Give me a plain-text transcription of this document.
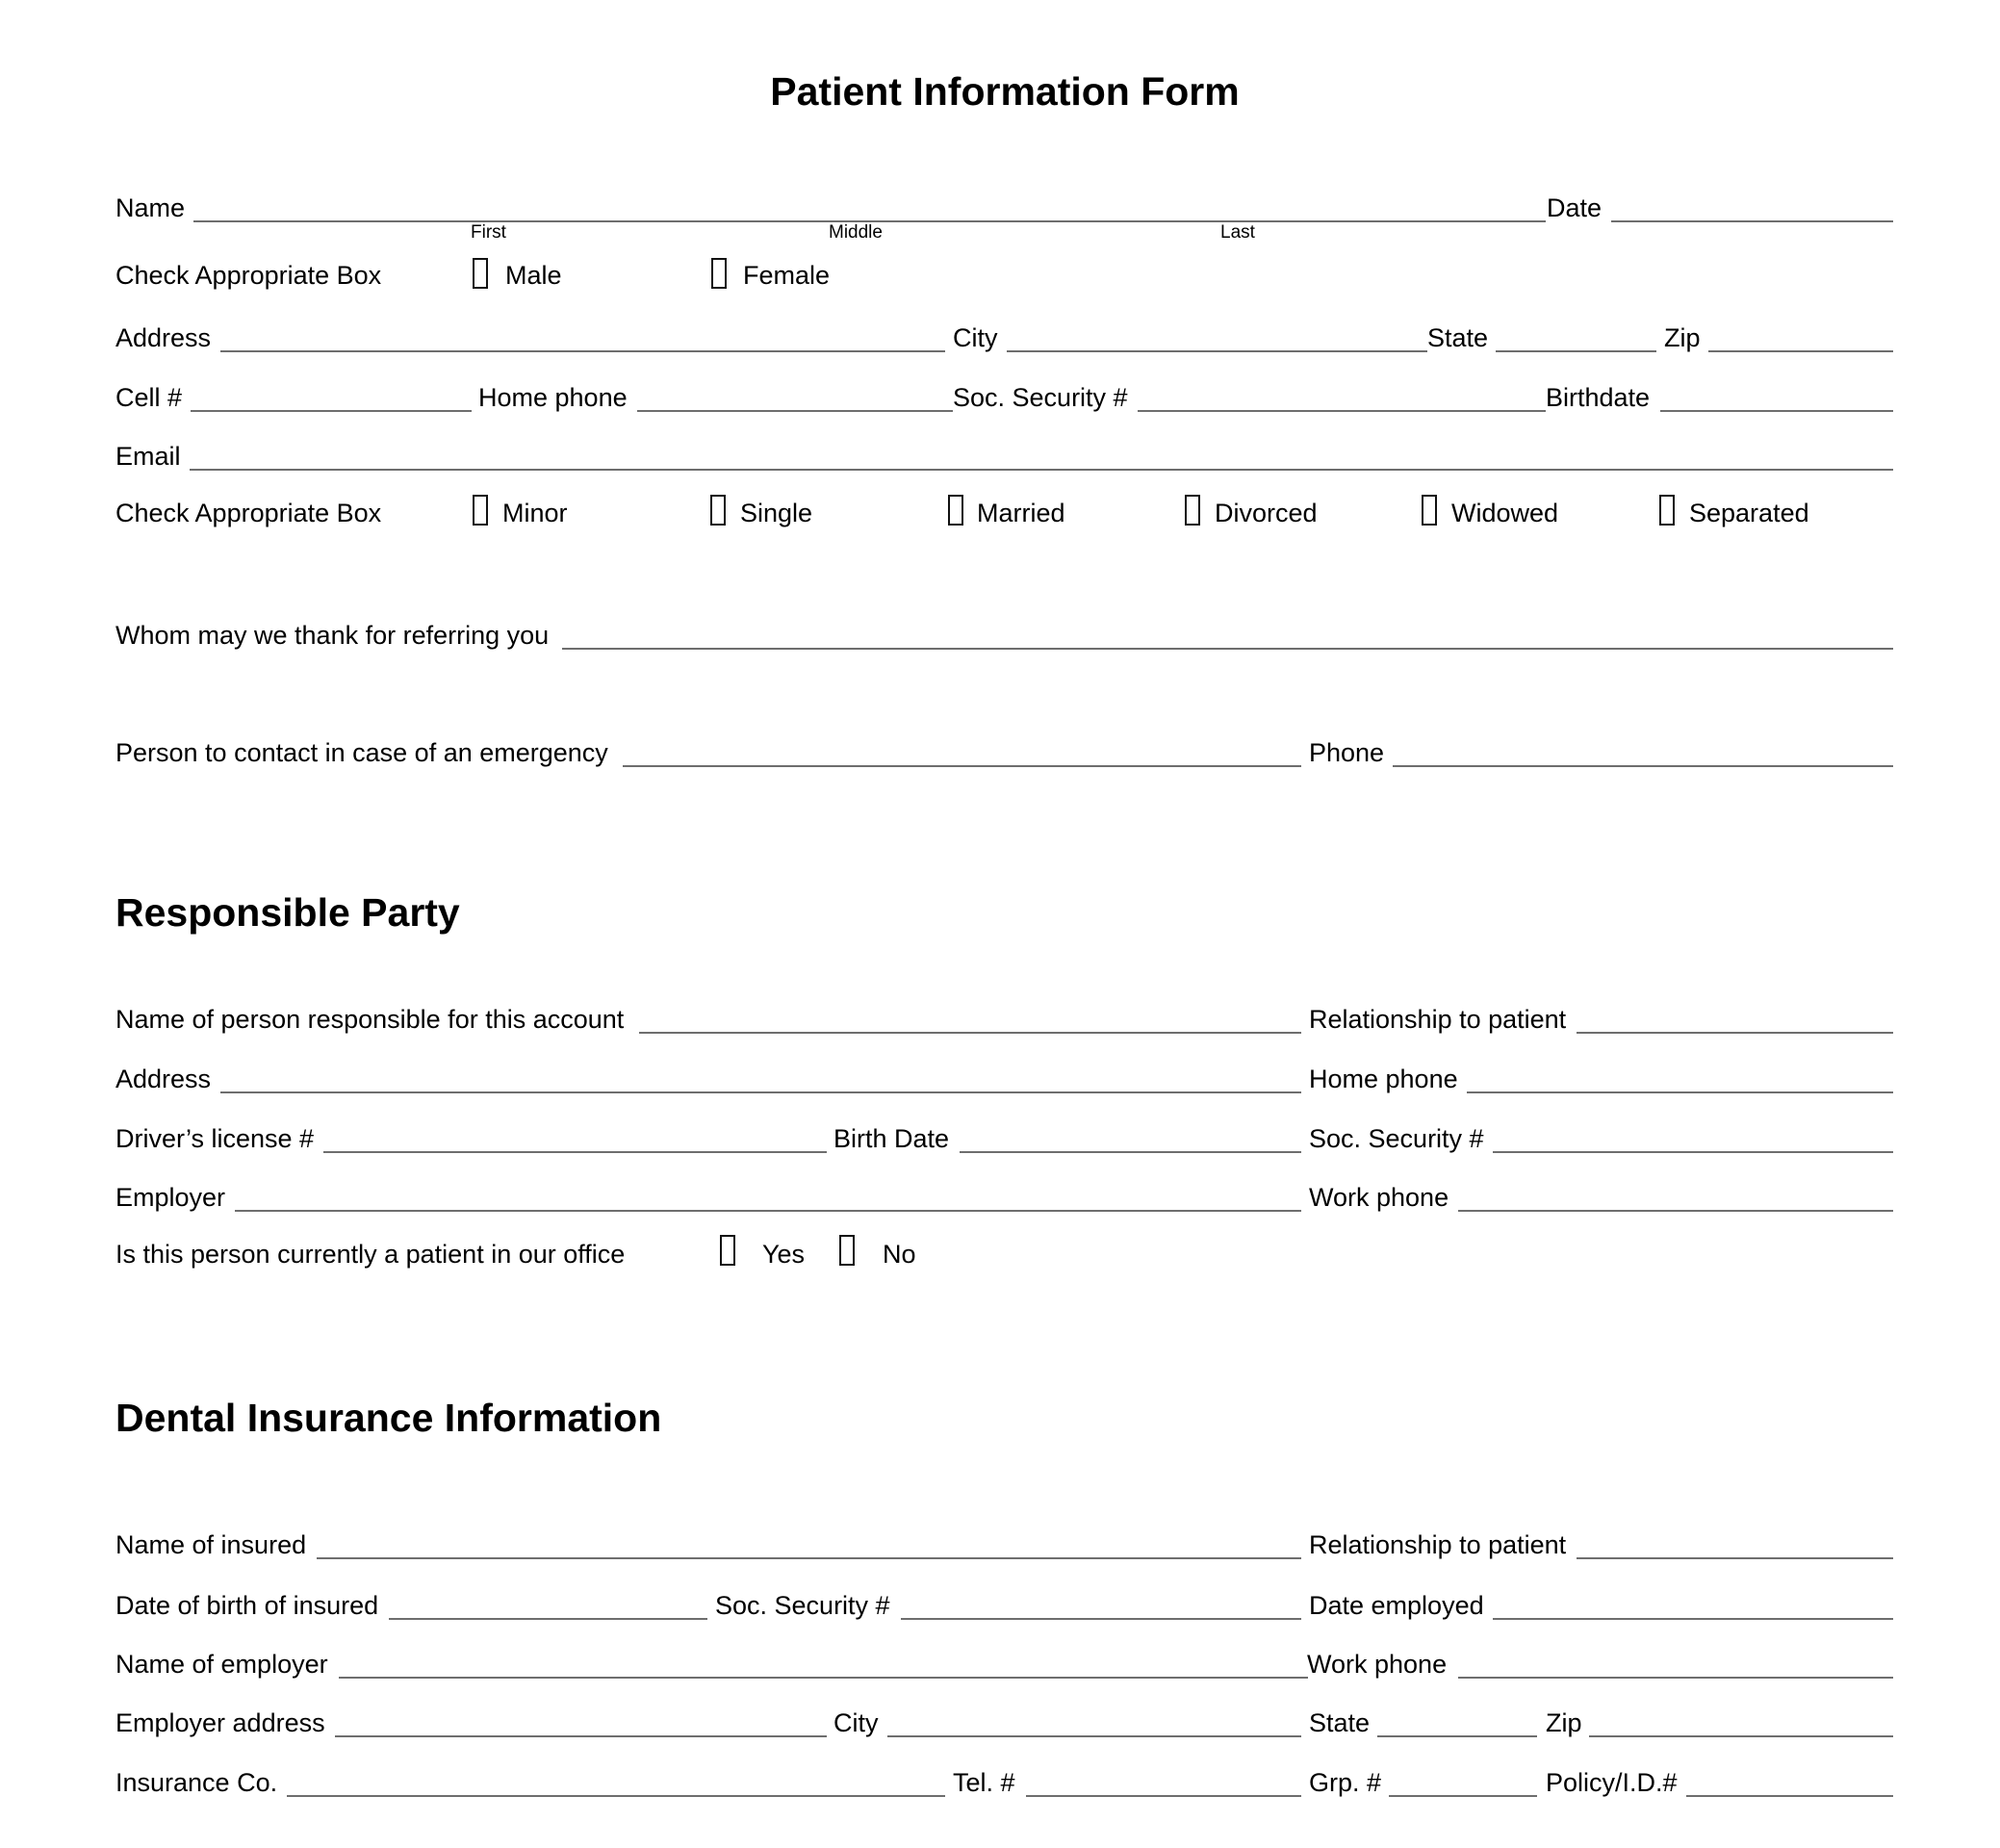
Patient Information Form
Name	Date
First	Middle	Last
Check Appropriate Box	Male	Female
Address	City	State	Zip
Cell #	Home phone	Soc. Security #	Birthdate
Email
Check Appropriate Box	Minor	Single	Married	Divorced	Widowed	Separated
Whom may we thank for referring you
Person to contact in case of an emergency	Phone
Responsible Party
Name of person responsible for this account	Relationship to patient
Address	Home phone
Driver’s license #	Birth Date	Soc. Security #
Employer	Work phone
Is this person currently a patient in our office	Yes	No
Dental Insurance Information
Name of insured	Relationship to patient
Date of birth of insured	Soc. Security #	Date employed
Name of employer	Work phone
Employer address	City	State	Zip
Insurance Co.	Tel. #	Grp. #	Policy/I.D.#
